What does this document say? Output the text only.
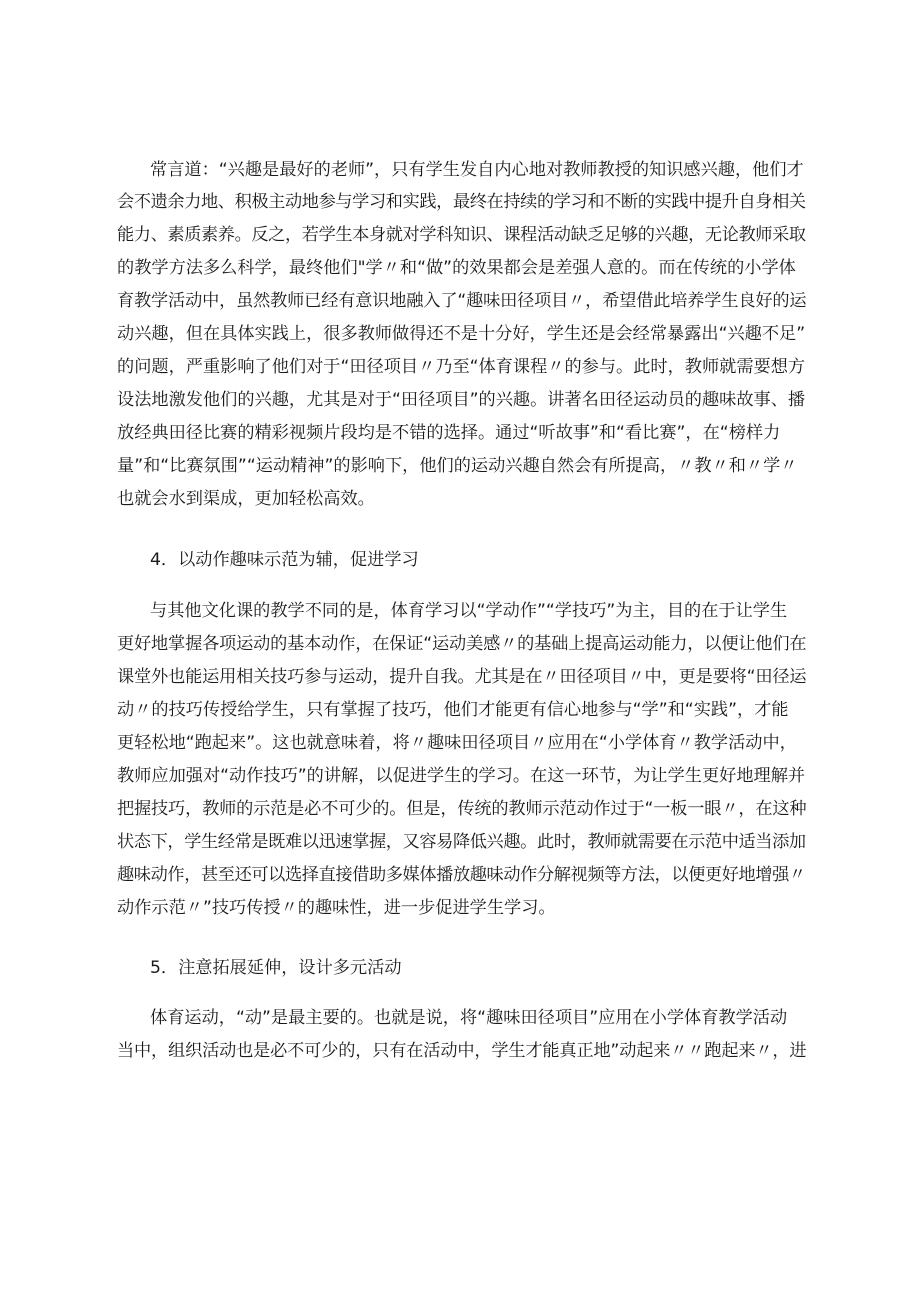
常言道：“兴趣是最好的老师”，只有学生发自内心地对教师教授的知识感兴趣，他们才
会不遗余力地、积极主动地参与学习和实践，最终在持续的学习和不断的实践中提升自身相关
能力、素质素养。反之，若学生本身就对学科知识、课程活动缺乏足够的兴趣，无论教师采取
的教学方法多么科学，最终他们"学〃和“做”的效果都会是差强人意的。而在传统的小学体
育教学活动中，虽然教师已经有意识地融入了“趣味田径项目〃，希望借此培养学生良好的运
动兴趣，但在具体实践上，很多教师做得还不是十分好，学生还是会经常暴露出“兴趣不足”
的问题，严重影响了他们对于“田径项目〃乃至“体育课程〃的参与。此时，教师就需要想方
设法地激发他们的兴趣，尤其是对于“田径项目”的兴趣。讲著名田径运动员的趣味故事、播
放经典田径比赛的精彩视频片段均是不错的选择。通过“听故事”和“看比赛”，在“榜样力
量”和“比赛氛围”“运动精神”的影响下，他们的运动兴趣自然会有所提高，〃教〃和〃学〃
也就会水到渠成，更加轻松高效。
4．以动作趣味示范为辅，促进学习
与其他文化课的教学不同的是，体育学习以“学动作”“学技巧”为主，目的在于让学生
更好地掌握各项运动的基本动作，在保证“运动美感〃的基础上提高运动能力，以便让他们在
课堂外也能运用相关技巧参与运动，提升自我。尤其是在〃田径项目〃中，更是要将“田径运
动〃的技巧传授给学生，只有掌握了技巧，他们才能更有信心地参与“学”和“实践”，才能
更轻松地“跑起来”。这也就意味着，将〃趣味田径项目〃应用在“小学体育〃教学活动中，
教师应加强对“动作技巧”的讲解，以促进学生的学习。在这一环节，为让学生更好地理解并
把握技巧，教师的示范是必不可少的。但是，传统的教师示范动作过于“一板一眼〃，在这种
状态下，学生经常是既难以迅速掌握，又容易降低兴趣。此时，教师就需要在示范中适当添加
趣味动作，甚至还可以选择直接借助多媒体播放趣味动作分解视频等方法，以便更好地增强〃
动作示范〃”技巧传授〃的趣味性，进一步促进学生学习。
5．注意拓展延伸，设计多元活动
体育运动，“动”是最主要的。也就是说，将“趣味田径项目”应用在小学体育教学活动
当中，组织活动也是必不可少的，只有在活动中，学生才能真正地”动起来〃〃跑起来〃，进
